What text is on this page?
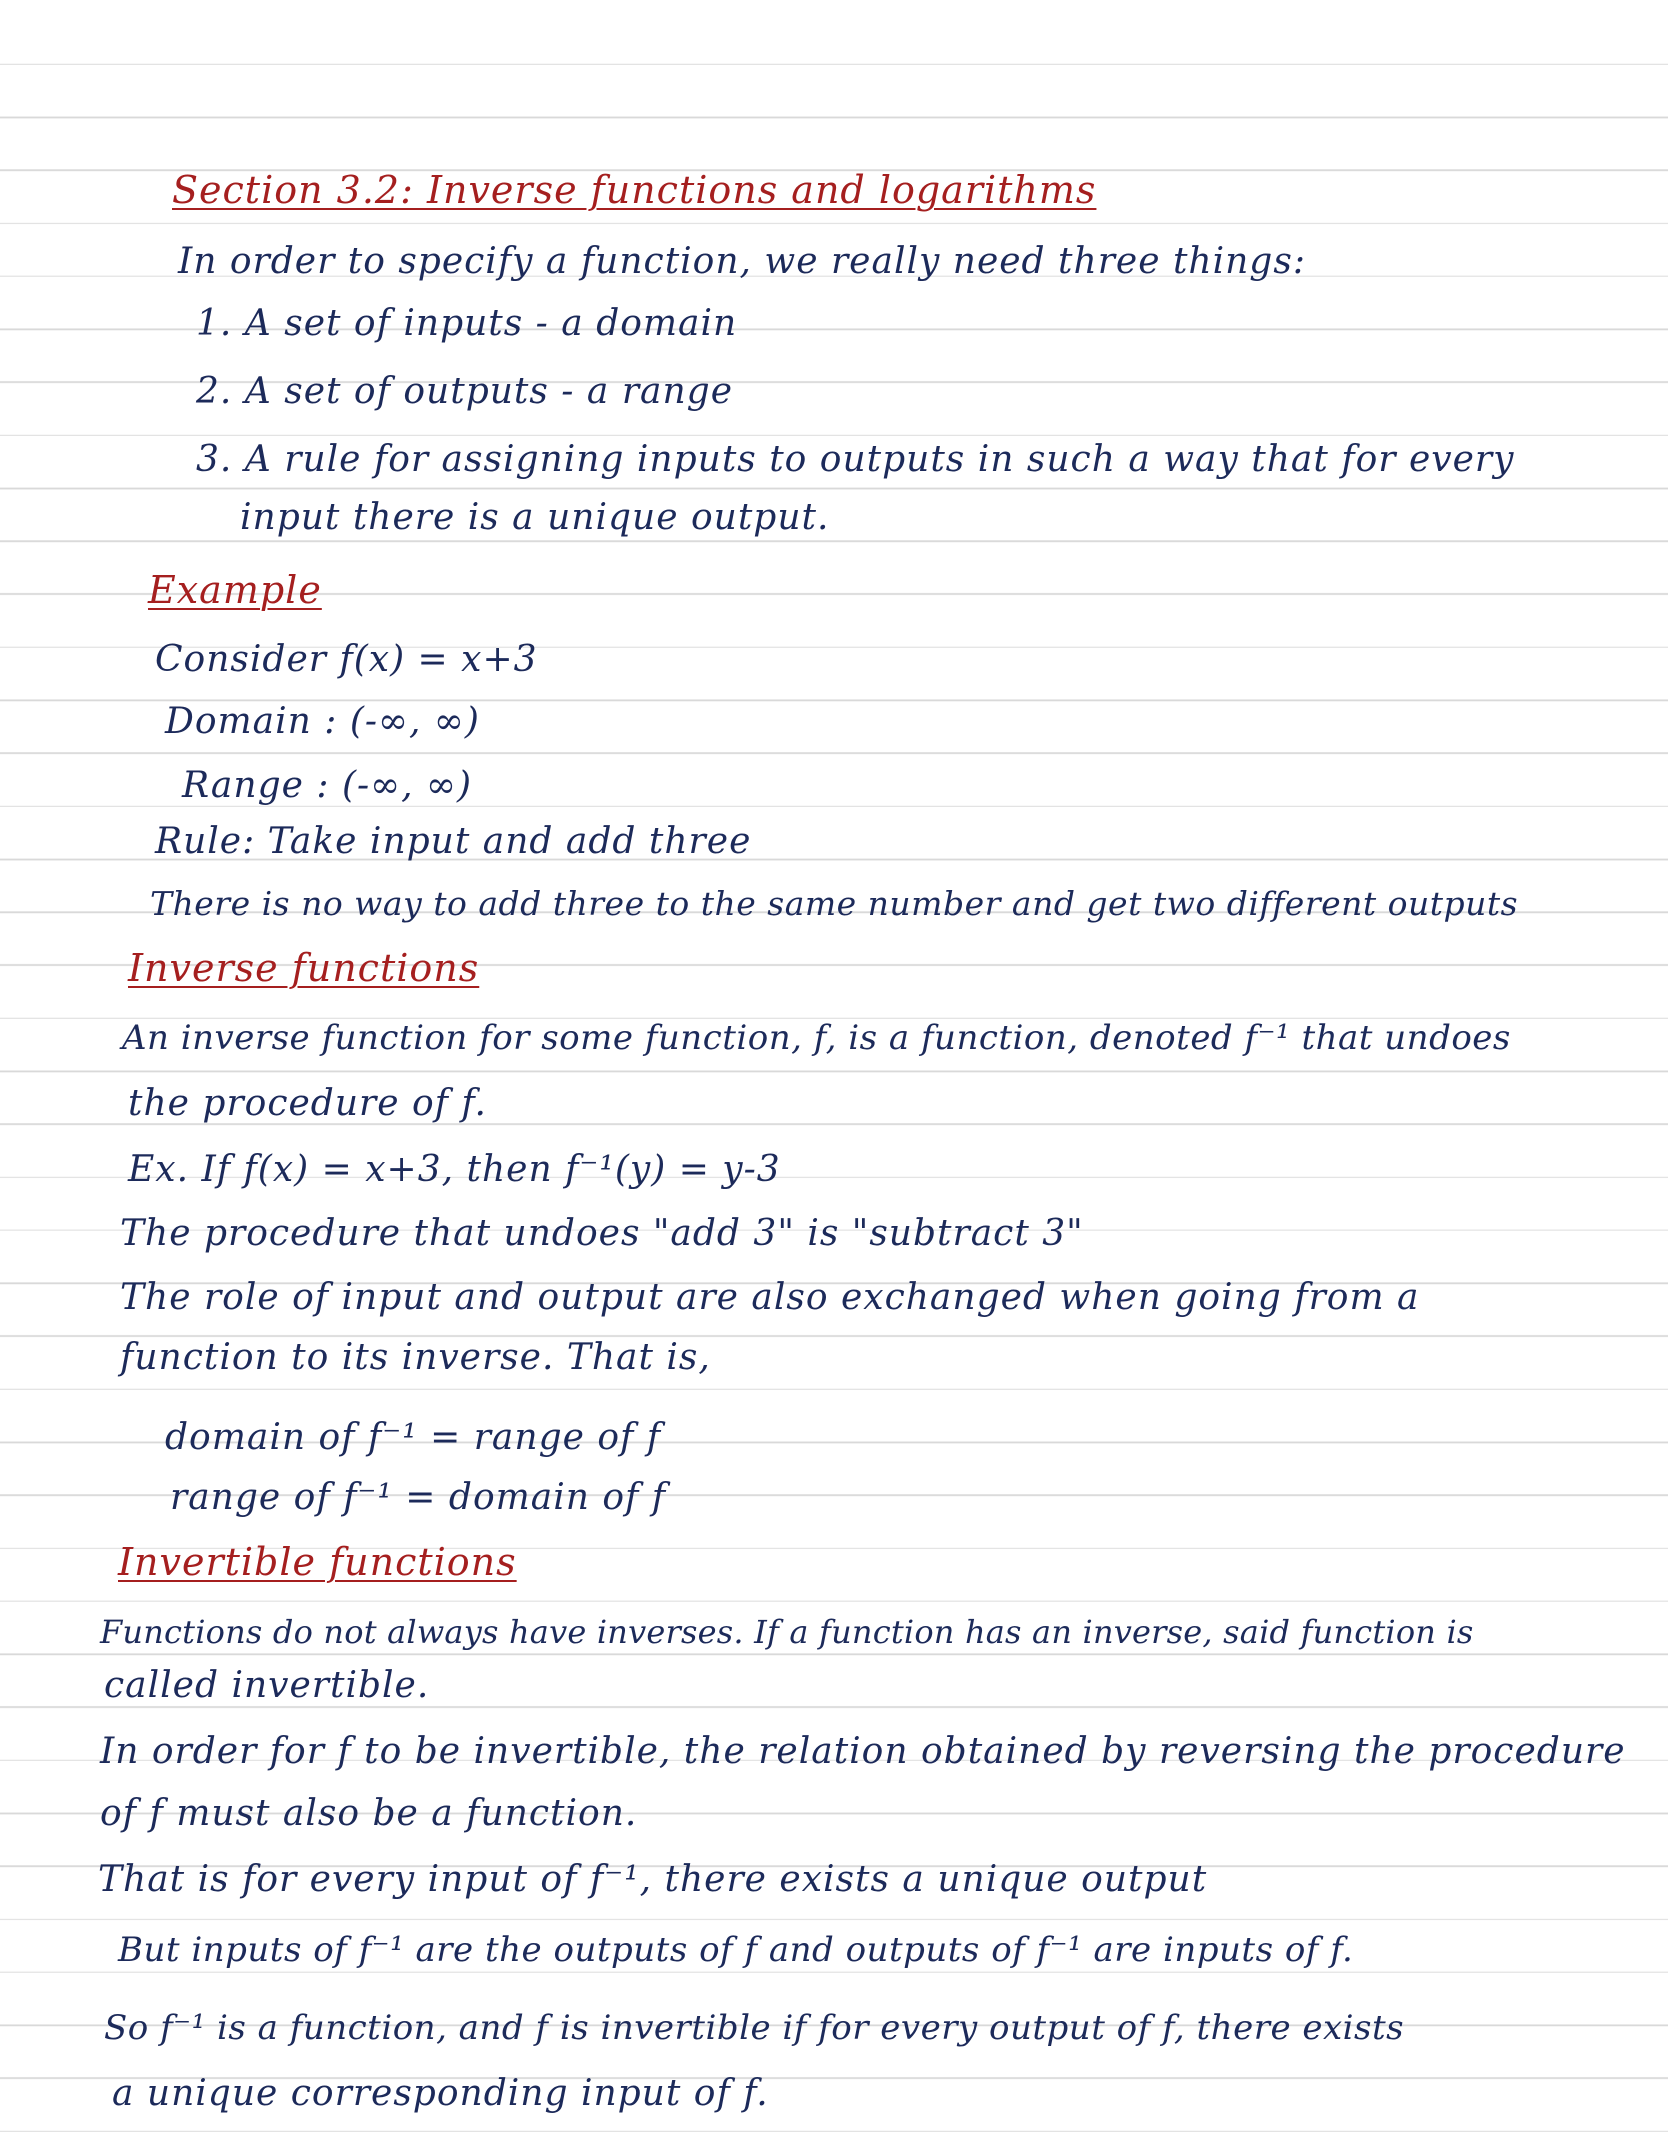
Section 3.2: Inverse functions and logarithms
In order to specify a function, we really need three things:
1. A set of inputs - a domain
2. A set of outputs - a range
3. A rule for assigning inputs to outputs in such a way that for every
input there is a unique output.
Example
Consider f(x) = x+3
Domain : (-∞, ∞)
Range : (-∞, ∞)
Rule: Take input and add three
There is no way to add three to the same number and get two different outputs
Inverse functions
An inverse function for some function, f, is a function, denoted f⁻¹ that undoes
the procedure of f.
Ex. If f(x) = x+3, then f⁻¹(y) = y-3
The procedure that undoes "add 3" is "subtract 3"
The role of input and output are also exchanged when going from a
function to its inverse. That is,
domain of f⁻¹ = range of f
range of f⁻¹ = domain of f
Invertible functions
Functions do not always have inverses. If a function has an inverse, said function is
called invertible.
In order for f to be invertible, the relation obtained by reversing the procedure
of f must also be a function.
That is for every input of f⁻¹, there exists a unique output
But inputs of f⁻¹ are the outputs of f and outputs of f⁻¹ are inputs of f.
So f⁻¹ is a function, and f is invertible if for every output of f, there exists
a unique corresponding input of f.
